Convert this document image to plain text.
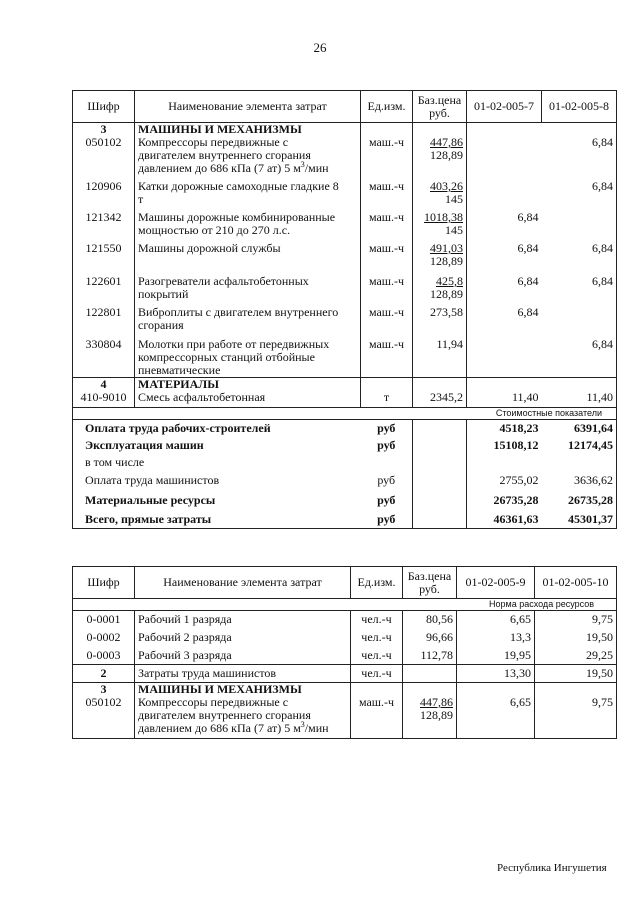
26
Шифр	Наименование элемента затрат	Ед.изм.	Баз.цена руб.	01-02-005-7	01-02-005-8
3	МАШИНЫ И МЕХАНИЗМЫ				
050102	Компрессоры передвижные с
двигателем внутреннего сгорания
давлением до 686 кПа (7 ат) 5 $м^3$/мин	маш.-ч	447,86
128,89		6,84
120906	Катки дорожные самоходные гладкие 8
т	маш.-ч	403,26
145		6,84
121342	Машины дорожные комбинированные
мощностью от 210 до 270 л.с.	маш.-ч	1018,38
145	6,84	
121550	Машины дорожной службы	маш.-ч	491,03
128,89	6,84	6,84
122601	Разогреватели асфальтобетонных
покрытий	маш.-ч	425,8
128,89	6,84	6,84
122801	Виброплиты с двигателем внутреннего
сгорания	маш.-ч	273,58	6,84	
330804	Молотки при работе от передвижных
компрессорных станций отбойные
пневматические	маш.-ч	11,94		6,84
4	МАТЕРИАЛЫ				
410-9010	Смесь асфальтобетонная	т	2345,2	11,40	11,40
Стоимостные показатели					
Оплата труда рабочих-строителей		руб		4518,23	6391,64
Эксплуатация машин		руб		15108,12	12174,45
в том числе					
Оплата труда машинистов		руб		2755,02	3636,62
Материальные ресурсы		руб		26735,28	26735,28
Всего, прямые затраты		руб		46361,63	45301,37
Шифр	Наименование элемента затрат	Ед.изм.	Баз.цена руб.	01-02-005-9	01-02-005-10
Норма расхода ресурсов					
0-0001	Рабочий 1 разряда	чел.-ч	80,56	6,65	9,75
0-0002	Рабочий 2 разряда	чел.-ч	96,66	13,3	19,50
0-0003	Рабочий 3 разряда	чел.-ч	112,78	19,95	29,25
2	Затраты труда машинистов	чел.-ч		13,30	19,50
3	МАШИНЫ И МЕХАНИЗМЫ				
050102	Компрессоры передвижные с
двигателем внутреннего сгорания
давлением до 686 кПа (7 ат) 5 $м^3$/мин	маш.-ч	447,86
128,89	6,65	9,75
Республика Ингушетия
